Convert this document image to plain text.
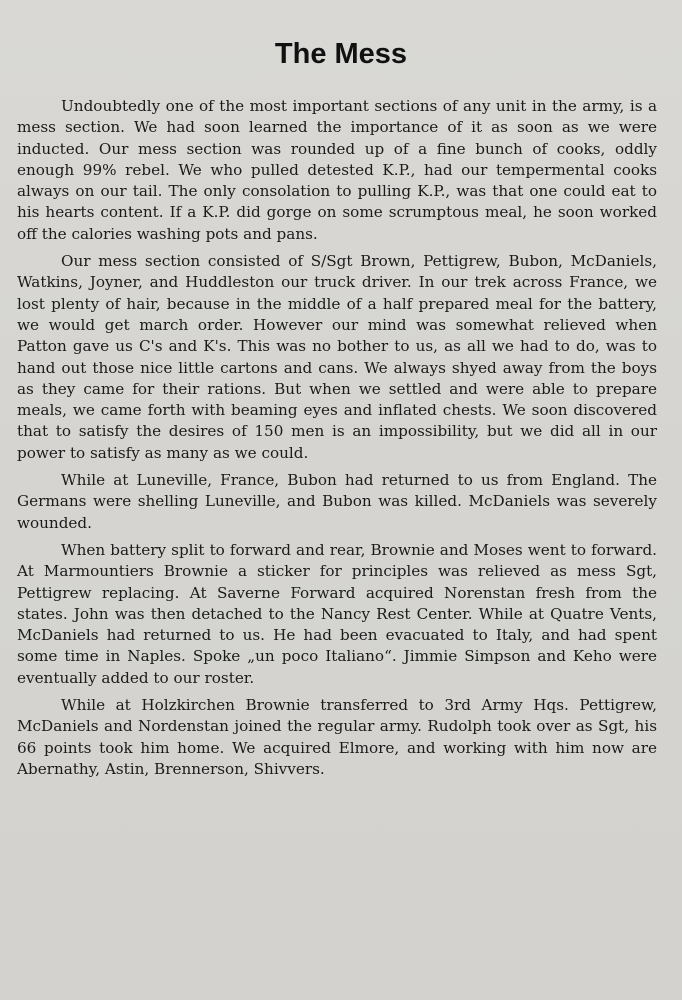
The Mess

Undoubtedly one of the most important sections of any unit in the army, is a mess section. We had soon learned the importance of it as soon as we were inducted. Our mess section was rounded up of a fine bunch of cooks, oddly enough 99% rebel. We who pulled detested K.P., had our tempermental cooks always on our tail. The only consolation to pulling K.P., was that one could eat to his hearts content. If a K.P. did gorge on some scrumptous meal, he soon worked off the calories washing pots and pans.

Our mess section consisted of S/Sgt Brown, Pettigrew, Bubon, McDaniels, Watkins, Joyner, and Huddleston our truck driver. In our trek across France, we lost plenty of hair, because in the middle of a half prepared meal for the battery, we would get march order. However our mind was somewhat relieved when Patton gave us C's and K's. This was no bother to us, as all we had to do, was to hand out those nice little cartons and cans. We always shyed away from the boys as they came for their rations. But when we settled and were able to prepare meals, we came forth with beaming eyes and inflated chests. We soon discovered that to satisfy the desires of 150 men is an impossibility, but we did all in our power to satisfy as many as we could.

While at Luneville, France, Bubon had returned to us from England. The Germans were shelling Luneville, and Bubon was killed. McDaniels was severely wounded.

When battery split to forward and rear, Brownie and Moses went to forward. At Marmountiers Brownie a sticker for principles was relieved as mess Sgt, Pettigrew replacing. At Saverne Forward acquired Norenstan fresh from the states. John was then detached to the Nancy Rest Center. While at Quatre Vents, McDaniels had returned to us. He had been evacuated to Italy, and had spent some time in Naples. Spoke „un poco Italiano“. Jimmie Simpson and Keho were eventually added to our roster.

While at Holzkirchen Brownie transferred to 3rd Army Hqs. Pettigrew, McDaniels and Nordenstan joined the regular army. Rudolph took over as Sgt, his 66 points took him home. We acquired Elmore, and working with him now are Abernathy, Astin, Brennerson, Shivvers.
